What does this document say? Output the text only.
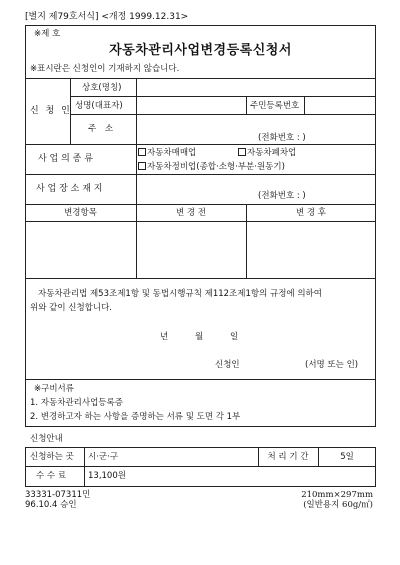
[별지 제79호서식] <개정 1999.12.31>
※제 호
자동차관리사업변경등록신청서
※표시란은 신청인이 기재하지 않습니다.
신 청 인
상호(명칭)
성명(대표자)	주민등록번호
주 소
(전화번호 : )
사 업 의 종 류
자동차매매업	자동차폐차업
자동차정비업(종합·소형·부분·원동기)
사 업 장 소 재 지
(전화번호 : )
변경항목	변 경 전	변 경 후
자동차관리법 제53조제1항 및 동법시행규칙 제112조제1항의 규정에 의하여
위와 같이 신청합니다.
년	월	일
신청인	(서명 또는 인)
※구비서류
1. 자동차관리사업등록증
2. 변경하고자 하는 사항을 증명하는 서류 및 도면 각 1부
신청안내
신청하는 곳 시·군·구	처 리 기 간	5일
수 수 료	13,100원
33331-07311민
96.10.4 승인
210mm×297mm
(일반용지 60g/㎡)
